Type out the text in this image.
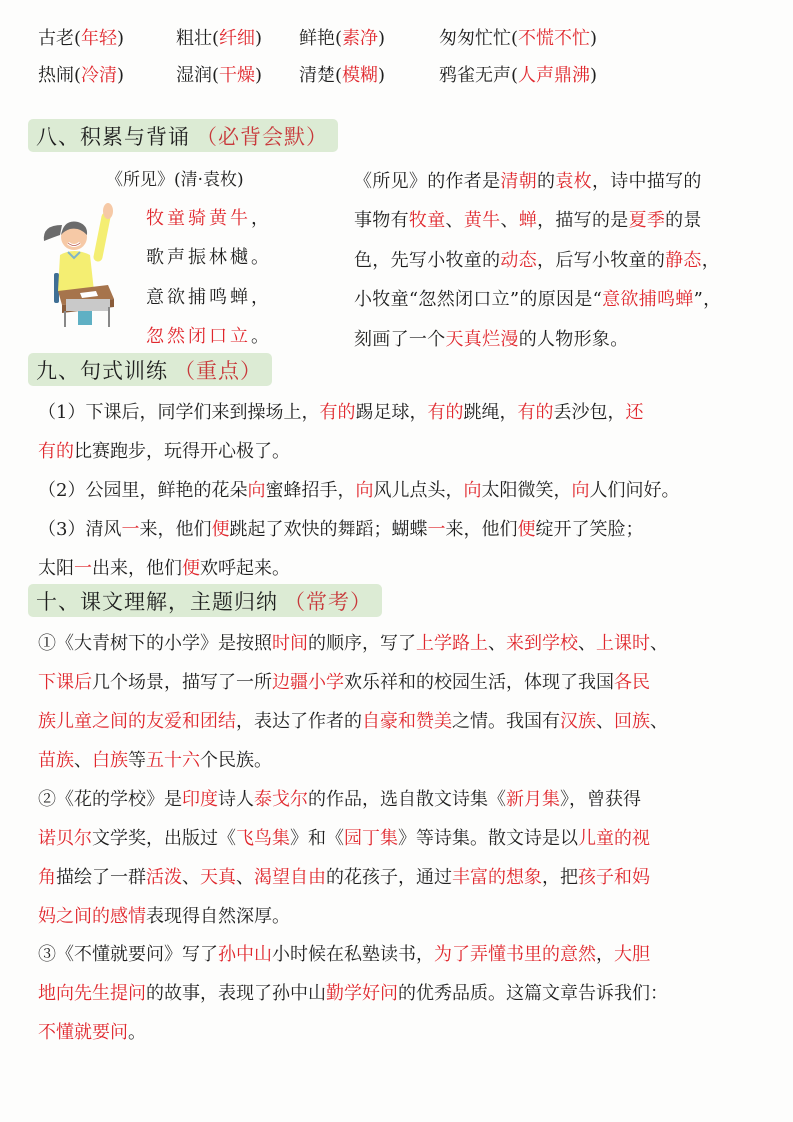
古老(年轻)	粗壮(纤细)	鲜艳(素净)	匆匆忙忙(不慌不忙)
热闹(冷清)	湿润(干燥)	清楚(模糊)	鸦雀无声(人声鼎沸)
八、积累与背诵 （必背会默）
《所见》(清·袁枚)
牧童骑黄牛 ，
歌声振林樾 。
意欲捕鸣蝉 ，
忽然闭口立 。
《所见》的作者是 清朝 的 袁枚 ，诗中描写的
事物有 牧童 、 黄牛 、 蝉 ，描写的是 夏季 的景
色，先写小牧童的 动态 ，后写小牧童的 静态 ，
小牧童“忽然闭口立”的原因是“ 意欲捕鸣蝉 ”，
刻画了一个 天真烂漫 的人物形象。
九、句式训练 （重点）
（1）下课后，同学们来到操场上， 有的 踢足球， 有的 跳绳， 有的 丢沙包， 还
有的 比赛跑步，玩得开心极了。
（2）公园里，鲜艳的花朵 向 蜜蜂招手， 向 风儿点头， 向 太阳微笑， 向 人们问好。
（3）清风 一 来，他们 便 跳起了欢快的舞蹈；蝴蝶 一 来，他们 便 绽开了笑脸；
太阳 一 出来，他们 便 欢呼起来。
十、课文理解，主题归纳 （常考）
①《大青树下的小学》是按照 时间 的顺序，写了 上学路上 、 来到学校 、 上课时 、
下课后 几个场景，描写了一所 边疆小学 欢乐祥和的校园生活，体现了我国 各民
族儿童之间的友爱和团结 ，表达了作者的 自豪和赞美 之情。我国有 汉族 、 回族 、
苗族 、 白族 等 五十六 个民族。
②《花的学校》是 印度 诗人 泰戈尔 的作品，选自散文诗集《 新月集 》，曾获得
诺贝尔 文学奖，出版过《 飞鸟集 》和《 园丁集 》等诗集。散文诗是以 儿童的视
角 描绘了一群 活泼 、 天真 、 渴望自由 的花孩子，通过 丰富的想象 ，把 孩子和妈
妈之间的感情 表现得自然深厚。
③《不懂就要问》写了 孙中山 小时候在私塾读书， 为了弄懂书里的意然 ， 大胆
地向先生提问 的故事，表现了孙中山 勤学好问 的优秀品质。这篇文章告诉我们：
不懂就要问 。
